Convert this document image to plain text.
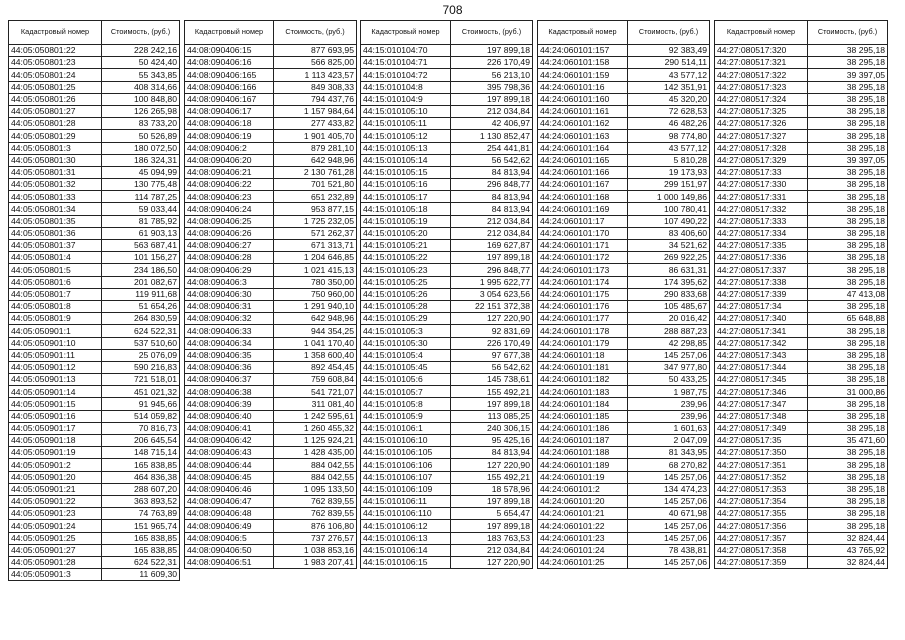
708
Кадастровый номер	Стоимость, (руб.)
44:05:050801:22	228 242,16
44:05:050801:23	50 424,40
44:05:050801:24	55 343,85
44:05:050801:25	408 314,66
44:05:050801:26	100 848,80
44:05:050801:27	126 265,98
44:05:050801:28	83 733,20
44:05:050801:29	50 526,89
44:05:050801:3	180 072,50
44:05:050801:30	186 324,31
44:05:050801:31	45 094,99
44:05:050801:32	130 775,48
44:05:050801:33	114 787,25
44:05:050801:34	59 033,44
44:05:050801:35	81 785,92
44:05:050801:36	61 903,13
44:05:050801:37	563 687,41
44:05:050801:4	101 156,27
44:05:050801:5	234 186,50
44:05:050801:6	201 082,67
44:05:050801:7	119 911,68
44:05:050801:8	51 654,26
44:05:050801:9	264 830,59
44:05:050901:1	624 522,31
44:05:050901:10	537 510,60
44:05:050901:11	25 076,09
44:05:050901:12	590 216,83
44:05:050901:13	721 518,01
44:05:050901:14	451 021,32
44:05:050901:15	91 945,66
44:05:050901:16	514 059,82
44:05:050901:17	70 816,73
44:05:050901:18	206 645,54
44:05:050901:19	148 715,14
44:05:050901:2	165 838,85
44:05:050901:20	464 836,38
44:05:050901:21	288 607,20
44:05:050901:22	363 893,52
44:05:050901:23	74 763,89
44:05:050901:24	151 965,74
44:05:050901:25	165 838,85
44:05:050901:27	165 838,85
44:05:050901:28	624 522,31
44:05:050901:3	11 609,30
Кадастровый номер	Стоимость, (руб.)
44:08:090406:15	877 693,95
44:08:090406:16	566 825,00
44:08:090406:165	1 113 423,57
44:08:090406:166	849 308,33
44:08:090406:167	794 437,76
44:08:090406:17	1 157 984,64
44:08:090406:18	277 433,82
44:08:090406:19	1 901 405,70
44:08:090406:2	879 281,10
44:08:090406:20	642 948,96
44:08:090406:21	2 130 761,28
44:08:090406:22	701 521,80
44:08:090406:23	651 232,89
44:08:090406:24	953 877,15
44:08:090406:25	1 725 232,05
44:08:090406:26	571 262,37
44:08:090406:27	671 313,71
44:08:090406:28	1 204 646,85
44:08:090406:29	1 021 415,13
44:08:090406:3	780 350,00
44:08:090406:30	750 960,00
44:08:090406:31	1 291 940,10
44:08:090406:32	642 948,96
44:08:090406:33	944 354,25
44:08:090406:34	1 041 170,40
44:08:090406:35	1 358 600,40
44:08:090406:36	892 454,45
44:08:090406:37	759 608,84
44:08:090406:38	541 721,07
44:08:090406:39	311 081,40
44:08:090406:40	1 242 595,61
44:08:090406:41	1 260 455,32
44:08:090406:42	1 125 924,21
44:08:090406:43	1 428 435,00
44:08:090406:44	884 042,55
44:08:090406:45	884 042,55
44:08:090406:46	1 095 133,50
44:08:090406:47	762 839,55
44:08:090406:48	762 839,55
44:08:090406:49	876 106,80
44:08:090406:5	737 276,57
44:08:090406:50	1 038 853,16
44:08:090406:51	1 983 207,41
Кадастровый номер	Стоимость, (руб.)
44:15:010104:70	197 899,18
44:15:010104:71	226 170,49
44:15:010104:72	56 213,10
44:15:010104:8	395 798,36
44:15:010104:9	197 899,18
44:15:010105:10	212 034,84
44:15:010105:11	42 406,97
44:15:010105:12	1 130 852,47
44:15:010105:13	254 441,81
44:15:010105:14	56 542,62
44:15:010105:15	84 813,94
44:15:010105:16	296 848,77
44:15:010105:17	84 813,94
44:15:010105:18	84 813,94
44:15:010105:19	212 034,84
44:15:010105:20	212 034,84
44:15:010105:21	169 627,87
44:15:010105:22	197 899,18
44:15:010105:23	296 848,77
44:15:010105:25	1 995 622,77
44:15:010105:26	3 054 623,56
44:15:010105:28	22 151 372,38
44:15:010105:29	127 220,90
44:15:010105:3	92 831,69
44:15:010105:30	226 170,49
44:15:010105:4	97 677,38
44:15:010105:45	56 542,62
44:15:010105:6	145 738,61
44:15:010105:7	155 492,21
44:15:010105:8	197 899,18
44:15:010105:9	113 085,25
44:15:010106:1	240 306,15
44:15:010106:10	95 425,16
44:15:010106:105	84 813,94
44:15:010106:106	127 220,90
44:15:010106:107	155 492,21
44:15:010106:109	18 578,96
44:15:010106:11	197 899,18
44:15:010106:110	5 654,47
44:15:010106:12	197 899,18
44:15:010106:13	183 763,53
44:15:010106:14	212 034,84
44:15:010106:15	127 220,90
Кадастровый номер	Стоимость, (руб.)
44:24:060101:157	92 383,49
44:24:060101:158	290 514,11
44:24:060101:159	43 577,12
44:24:060101:16	142 351,91
44:24:060101:160	45 320,20
44:24:060101:161	72 628,53
44:24:060101:162	46 482,26
44:24:060101:163	98 774,80
44:24:060101:164	43 577,12
44:24:060101:165	5 810,28
44:24:060101:166	19 173,93
44:24:060101:167	299 151,97
44:24:060101:168	1 000 149,86
44:24:060101:169	100 780,41
44:24:060101:17	107 490,22
44:24:060101:170	83 406,60
44:24:060101:171	34 521,62
44:24:060101:172	269 922,25
44:24:060101:173	86 631,31
44:24:060101:174	174 395,62
44:24:060101:175	290 833,68
44:24:060101:176	105 485,67
44:24:060101:177	20 016,42
44:24:060101:178	288 887,23
44:24:060101:179	42 298,85
44:24:060101:18	145 257,06
44:24:060101:181	347 977,80
44:24:060101:182	50 433,25
44:24:060101:183	1 987,75
44:24:060101:184	239,96
44:24:060101:185	239,96
44:24:060101:186	1 601,63
44:24:060101:187	2 047,09
44:24:060101:188	81 343,95
44:24:060101:189	68 270,82
44:24:060101:19	145 257,06
44:24:060101:2	134 474,23
44:24:060101:20	145 257,06
44:24:060101:21	40 671,98
44:24:060101:22	145 257,06
44:24:060101:23	145 257,06
44:24:060101:24	78 438,81
44:24:060101:25	145 257,06
Кадастровый номер	Стоимость, (руб.)
44:27:080517:320	38 295,18
44:27:080517:321	38 295,18
44:27:080517:322	39 397,05
44:27:080517:323	38 295,18
44:27:080517:324	38 295,18
44:27:080517:325	38 295,18
44:27:080517:326	38 295,18
44:27:080517:327	38 295,18
44:27:080517:328	38 295,18
44:27:080517:329	39 397,05
44:27:080517:33	38 295,18
44:27:080517:330	38 295,18
44:27:080517:331	38 295,18
44:27:080517:332	38 295,18
44:27:080517:333	38 295,18
44:27:080517:334	38 295,18
44:27:080517:335	38 295,18
44:27:080517:336	38 295,18
44:27:080517:337	38 295,18
44:27:080517:338	38 295,18
44:27:080517:339	47 413,08
44:27:080517:34	38 295,18
44:27:080517:340	65 648,88
44:27:080517:341	38 295,18
44:27:080517:342	38 295,18
44:27:080517:343	38 295,18
44:27:080517:344	38 295,18
44:27:080517:345	38 295,18
44:27:080517:346	31 000,86
44:27:080517:347	38 295,18
44:27:080517:348	38 295,18
44:27:080517:349	38 295,18
44:27:080517:35	35 471,60
44:27:080517:350	38 295,18
44:27:080517:351	38 295,18
44:27:080517:352	38 295,18
44:27:080517:353	38 295,18
44:27:080517:354	38 295,18
44:27:080517:355	38 295,18
44:27:080517:356	38 295,18
44:27:080517:357	32 824,44
44:27:080517:358	43 765,92
44:27:080517:359	32 824,44
